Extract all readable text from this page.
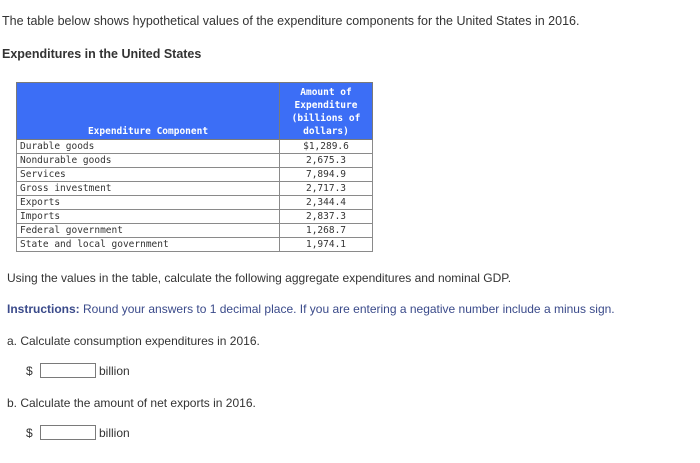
The table below shows hypothetical values of the expenditure components for the United States in 2016.
Expenditures in the United States
Expenditure Component	Amount of
Expenditure
(billions of
dollars)

Durable goods	$1,289.6
Nondurable goods	2,675.3
Services	7,894.9
Gross investment	2,717.3
Exports	2,344.4
Imports	2,837.3
Federal government	1,268.7
State and local government	1,974.1
Using the values in the table, calculate the following aggregate expenditures and nominal GDP.
Instructions: Round your answers to 1 decimal place. If you are entering a negative number include a minus sign.
a. Calculate consumption expenditures in 2016.
$	billion
b. Calculate the amount of net exports in 2016.
$	billion
